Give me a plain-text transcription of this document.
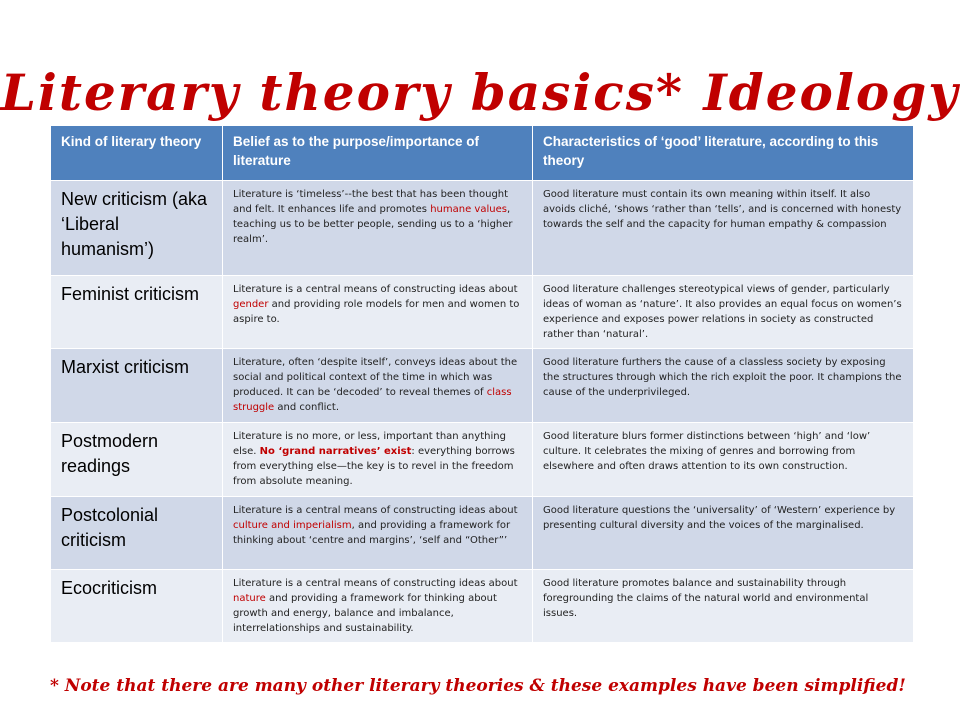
Literary theory basics* Ideology
Kind of literary theory	Belief as to the purpose/importance of literature	Characteristics of ‘good’ literature, according to this theory
New criticism (aka ‘Liberal humanism’)	Literature is ‘timeless’--the best that has been thought and felt. It enhances life and promotes humane values, teaching us to be better people, sending us to a ‘higher realm’.	Good literature must contain its own meaning within itself. It also avoids cliché, ‘shows ‘rather than ‘tells’, and is concerned with honesty towards the self and the capacity for human empathy & compassion
Feminist criticism	Literature is a central means of constructing ideas about gender and providing role models for men and women to aspire to.	Good literature challenges stereotypical views of gender, particularly ideas of woman as ‘nature’. It also provides an equal focus on women’s experience and exposes power relations in society as constructed rather than ‘natural’.
Marxist criticism	Literature, often ‘despite itself’, conveys ideas about the social and political context of the time in which was produced. It can be ‘decoded’ to reveal themes of class struggle and conflict.	Good literature furthers the cause of a classless society by exposing the structures through which the rich exploit the poor. It champions the cause of the underprivileged.
Postmodern readings	Literature is no more, or less, important than anything else. No ‘grand narratives’ exist: everything borrows from everything else—the key is to revel in the freedom from absolute meaning.	Good literature blurs former distinctions between ‘high’ and ‘low’ culture. It celebrates the mixing of genres and borrowing from elsewhere and often draws attention to its own construction.
Postcolonial criticism	Literature is a central means of constructing ideas about culture and imperialism, and providing a framework for thinking about ‘centre and margins’, ‘self and “Other”’	Good literature questions the ‘universality’ of ‘Western’ experience by presenting cultural diversity and the voices of the marginalised.
Ecocriticism	Literature is a central means of constructing ideas about nature and providing a framework for thinking about growth and energy, balance and imbalance, interrelationships and sustainability.	Good literature promotes balance and sustainability through foregrounding the claims of the natural world and environmental issues.
* Note that there are many other literary theories & these examples have been simplified!
